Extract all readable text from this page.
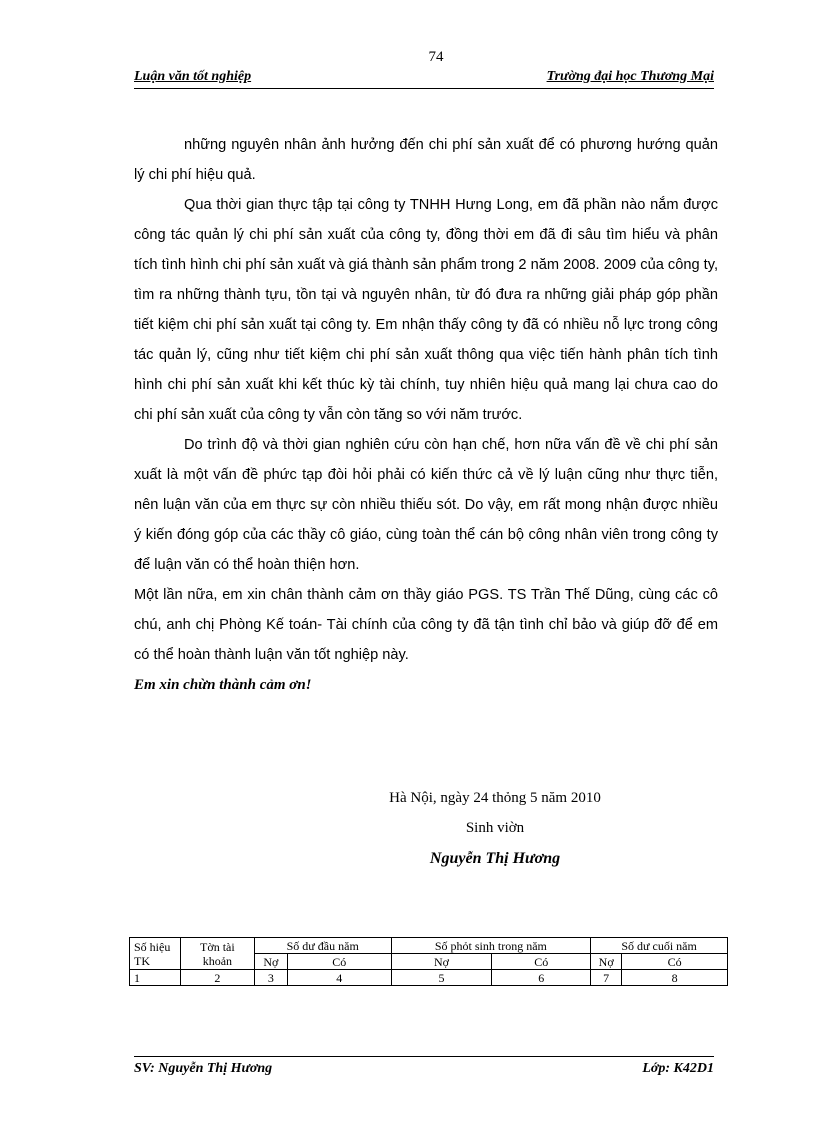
74
Luận văn tốt nghiệp	Trường đại học Thương Mại

những nguyên nhân ảnh hưởng đến chi phí sản xuất để có phương hướng quản lý chi phí hiệu quả.

Qua thời gian thực tập tại công ty TNHH Hưng Long, em đã phần nào nắm được công tác quản lý chi phí sản xuất của công ty, đồng thời em đã đi sâu tìm hiểu và phân tích tình hình chi phí sản xuất và giá thành sản phẩm trong 2 năm 2008. 2009 của công ty, tìm ra những thành tựu, tồn tại và nguyên nhân, từ đó đưa ra những giải pháp góp phần tiết kiệm chi phí sản xuất tại công ty. Em nhận thấy công ty đã có nhiều nỗ lực trong công tác quản lý, cũng như tiết kiệm chi phí sản xuất thông qua việc tiến hành phân tích tình hình chi phí sản xuất khi kết thúc kỳ tài chính, tuy nhiên hiệu quả mang lại chưa cao do chi phí sản xuất của công ty vẫn còn tăng so với năm trước.

Do trình độ và thời gian nghiên cứu còn hạn chế, hơn nữa vấn đề về chi phí sản xuất là một vấn đề phức tạp đòi hỏi phải có kiến thức cả về lý luận cũng như thực tiễn, nên luận văn của em thực sự còn nhiều thiếu sót. Do vậy, em rất mong nhận được nhiều ý kiến đóng góp của các thầy cô giáo, cùng toàn thể cán bộ công nhân viên trong công ty để luận văn có thể hoàn thiện hơn.

Một lần nữa, em xin chân thành cảm ơn thầy giáo PGS. TS Trần Thế Dũng, cùng các cô chú, anh chị Phòng Kế toán- Tài chính của công ty đã tận tình chỉ bảo và giúp đỡ để em có thể hoàn thành luận văn tốt nghiệp này.

Em xin chừn thành cảm ơn!

Hà Nội, ngày 24 thỏng 5 năm 2010
Sinh viờn
Nguyễn Thị Hương
Số hiệu TK	Tờn tài khoản	Số dư đầu năm		Số phỏt sinh trong năm		Số dư cuối năm	
		Nợ	Có	Nợ	Có	Nợ	Có
1	2	3	4	5	6	7	8
SV: Nguyễn Thị Hương	Lớp: K42D1
